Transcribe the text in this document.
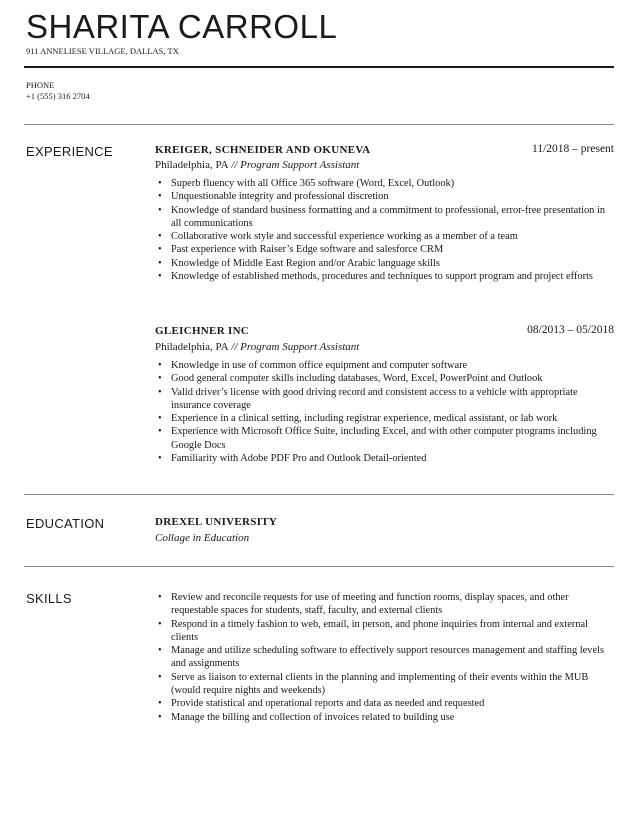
SHARITA CARROLL
911 ANNELIESE VILLAGE, DALLAS, TX
PHONE
+1 (555) 316 2704
EXPERIENCE	KREIGER, SCHNEIDER AND OKUNEVA	11/2018 – present
Philadelphia, PA // Program Support Assistant
• Superb fluency with all Office 365 software (Word, Excel, Outlook)
• Unquestionable integrity and professional discretion
• Knowledge of standard business formatting and a commitment to professional, error-free presentation in all communications
• Collaborative work style and successful experience working as a member of a team
• Past experience with Raiser’s Edge software and salesforce CRM
• Knowledge of Middle East Region and/or Arabic language skills
• Knowledge of established methods, procedures and techniques to support program and project efforts
GLEICHNER INC	08/2013 – 05/2018
Philadelphia, PA // Program Support Assistant
• Knowledge in use of common office equipment and computer software
• Good general computer skills including databases, Word, Excel, PowerPoint and Outlook
• Valid driver’s license with good driving record and consistent access to a vehicle with appropriate insurance coverage
• Experience in a clinical setting, including registrar experience, medical assistant, or lab work
• Experience with Microsoft Office Suite, including Excel, and with other computer programs including Google Docs
• Familiarity with Adobe PDF Pro and Outlook Detail-oriented
EDUCATION	DREXEL UNIVERSITY
Collage in Education
SKILLS
•	Review and reconcile requests for use of meeting and function rooms, display spaces, and other requestable spaces for students, staff, faculty, and external clients
• Respond in a timely fashion to web, email, in person, and phone inquiries from internal and external clients
• Manage and utilize scheduling software to effectively support resources management and staffing levels and assignments
• Serve as liaison to external clients in the planning and implementing of their events within the MUB (would require nights and weekends)
• Provide statistical and operational reports and data as needed and requested
• Manage the billing and collection of invoices related to building use
